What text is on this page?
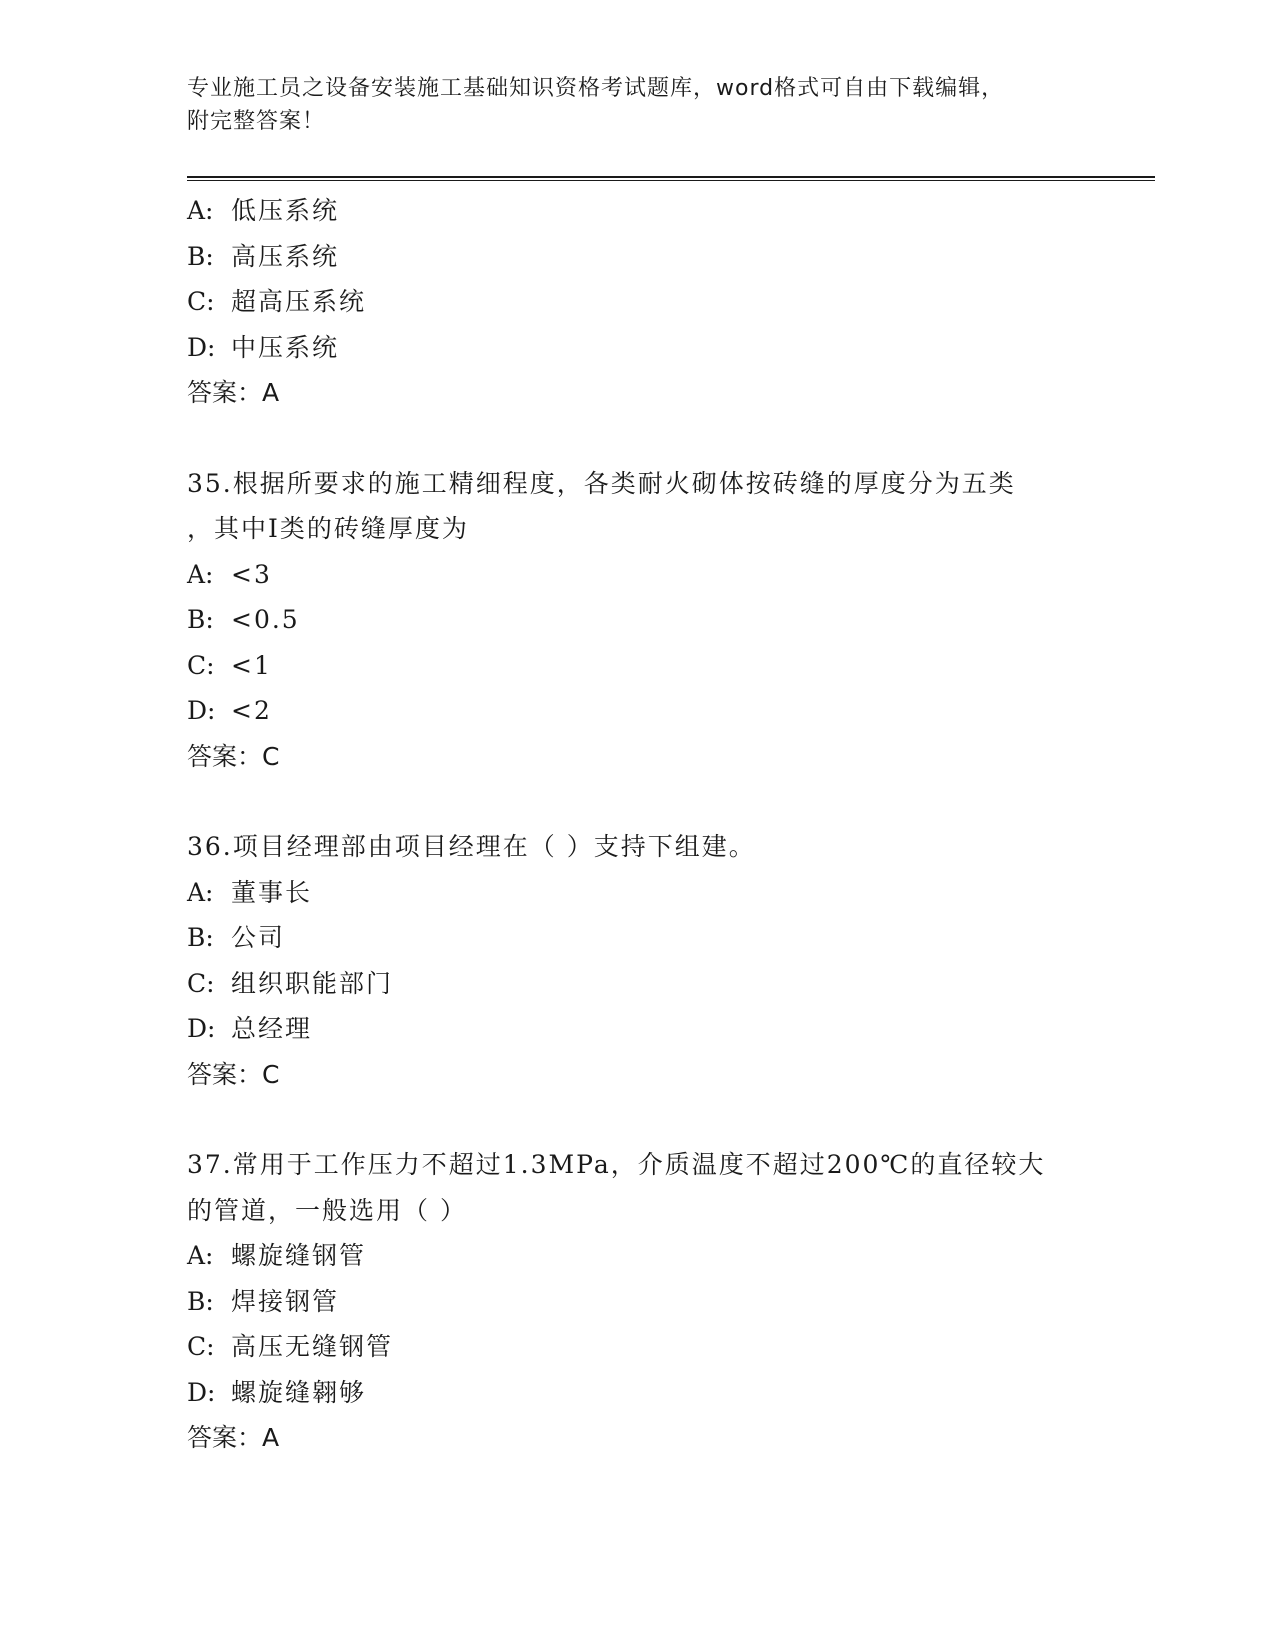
专业施工员之设备安装施工基础知识资格考试题库，word格式可自由下载编辑，
附完整答案！
A: 低压系统
B: 高压系统
C: 超高压系统
D: 中压系统
答案：A
35.根据所要求的施工精细程度，各类耐火砌体按砖缝的厚度分为五类
，其中I类的砖缝厚度为
A: <3
B: <0.5
C: <1
D: <2
答案：C
36.项目经理部由项目经理在（ ）支持下组建。
A: 董事长
B: 公司
C: 组织职能部门
D: 总经理
答案：C
37.常用于工作压力不超过1.3MPa，介质温度不超过200℃的直径较大
的管道，一般选用（ ）
A: 螺旋缝钢管
B: 焊接钢管
C: 高压无缝钢管
D: 螺旋缝翱够
答案：A
